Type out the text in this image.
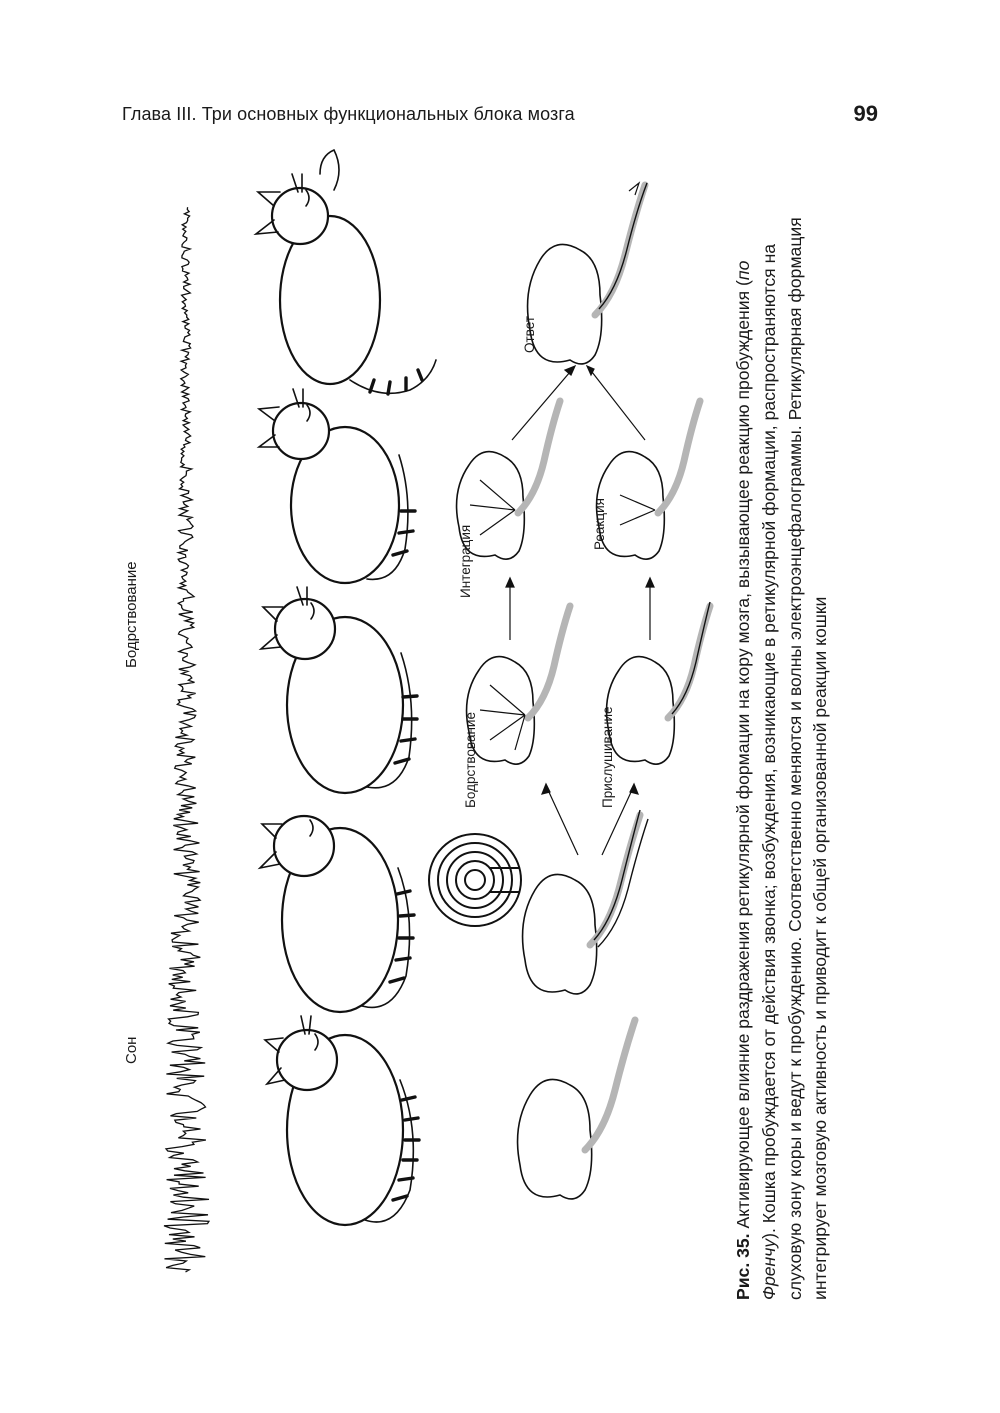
Глава III. Три основных функциональных блока мозга	99
Сон
Бодрствование
Бодрствование
Интеграция
Ответ
Прислушивание
Реакция
Рис. 35. Активирующее влияние раздражения ретикулярной формации на кору мозга, вызывающее реакцию пробуждения (по Френчу). Кошка пробуждается от действия звонка; возбуждения, возникающие в ретикулярной формации, распространяются на слуховую зону коры и ведут к пробуждению. Соответственно меняются и волны электроэнцефалограммы. Ретикулярная формация интегрирует мозговую активность и приводит к общей организованной реакции кошки
